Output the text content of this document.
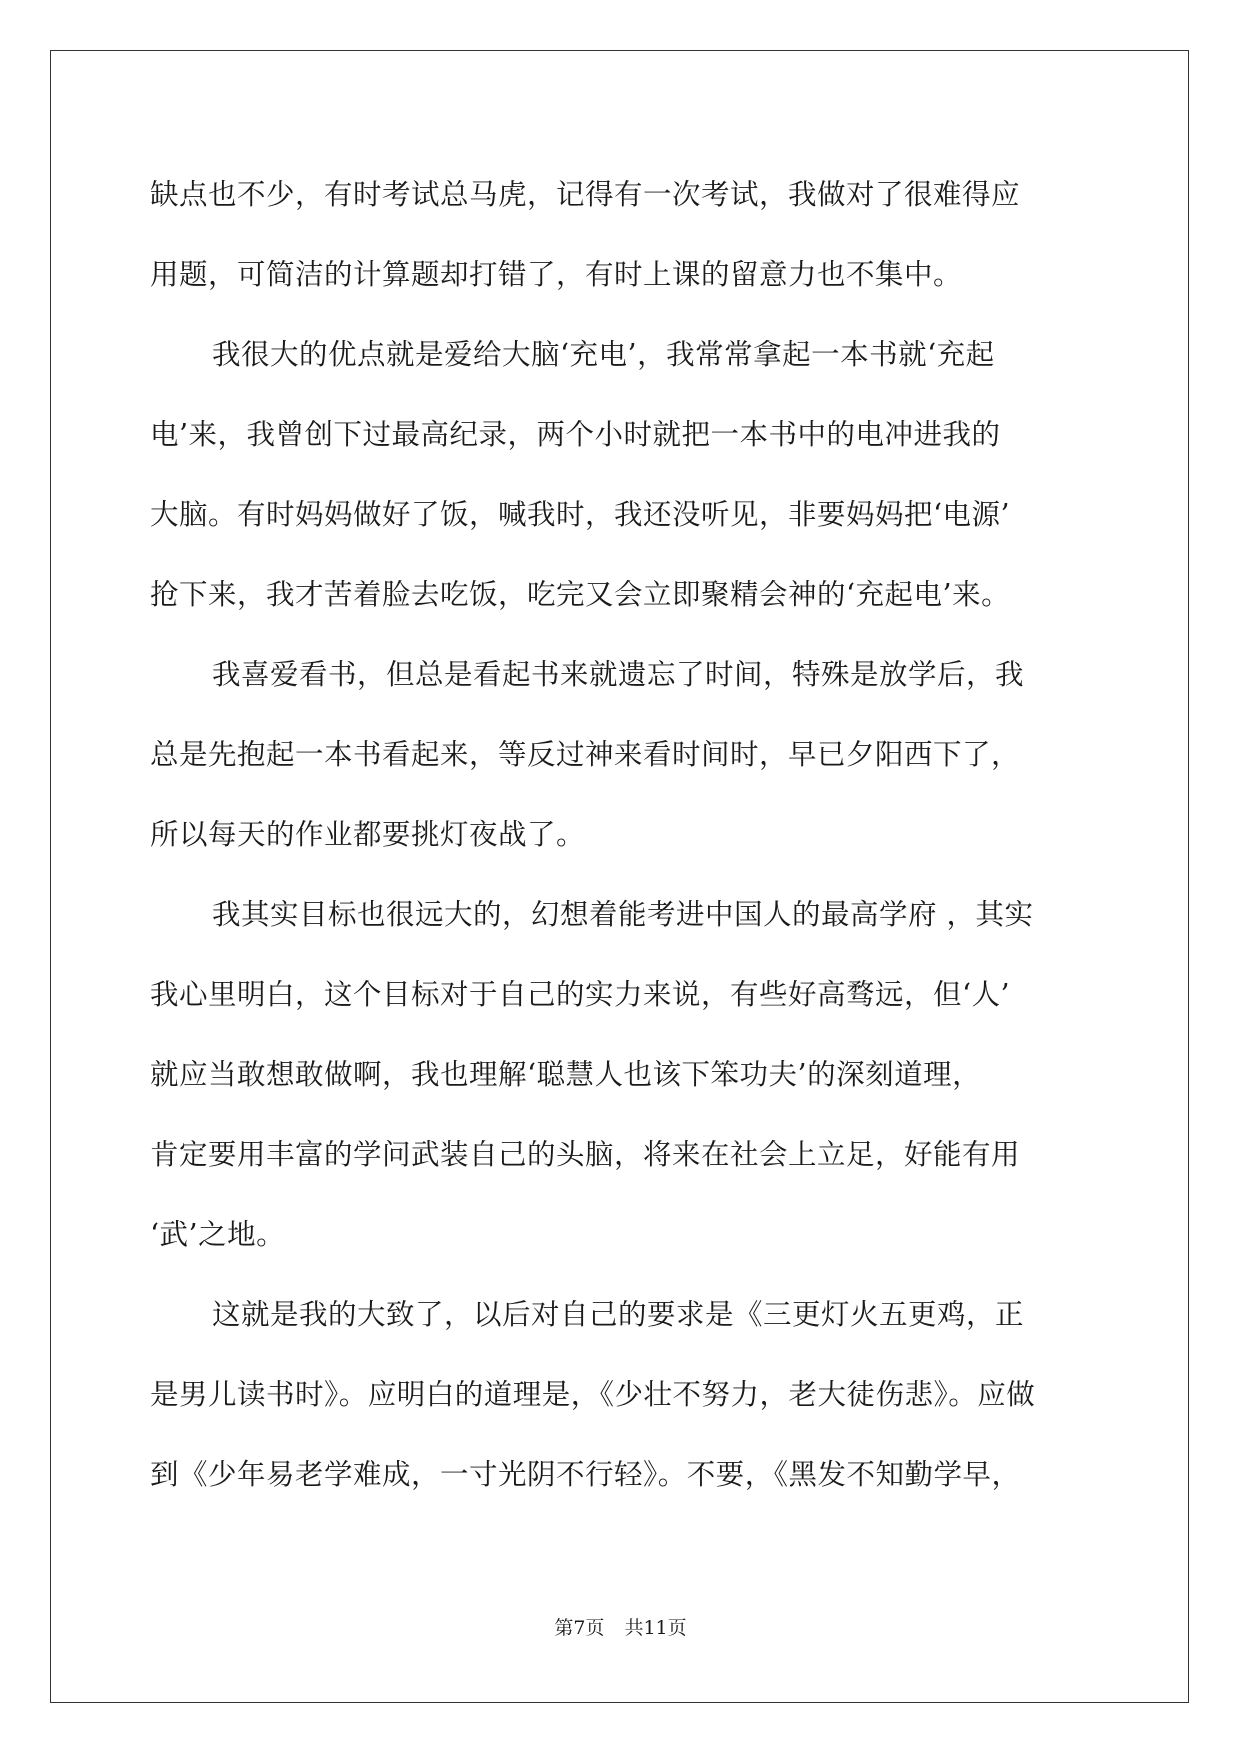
缺点也不少，有时考试总马虎，记得有一次考试，我做对了很难得应
用题，可简洁的计算题却打错了，有时上课的留意力也不集中。
我很大的优点就是爱给大脑‘充电’，我常常拿起一本书就‘充起
电’来，我曾创下过最高纪录，两个小时就把一本书中的电冲进我的
大脑。有时妈妈做好了饭，喊我时，我还没听见，非要妈妈把‘电源’
抢下来，我才苦着脸去吃饭，吃完又会立即聚精会神的‘充起电’来。
我喜爱看书，但总是看起书来就遗忘了时间，特殊是放学后，我
总是先抱起一本书看起来，等反过神来看时间时，早已夕阳西下了，
所以每天的作业都要挑灯夜战了。
我其实目标也很远大的，幻想着能考进中国人的最高学府 ，其实
我心里明白，这个目标对于自己的实力来说，有些好高骛远，但‘人’
就应当敢想敢做啊，我也理解‘聪慧人也该下笨功夫’的深刻道理，
肯定要用丰富的学问武装自己的头脑，将来在社会上立足，好能有用
‘武’之地。
这就是我的大致了，以后对自己的要求是《三更灯火五更鸡，正
是男儿读书时》。应明白的道理是，《少壮不努力，老大徒伤悲》。应做
到《少年易老学难成，一寸光阴不行轻》。不要，《黑发不知勤学早，
第7页 共11页
